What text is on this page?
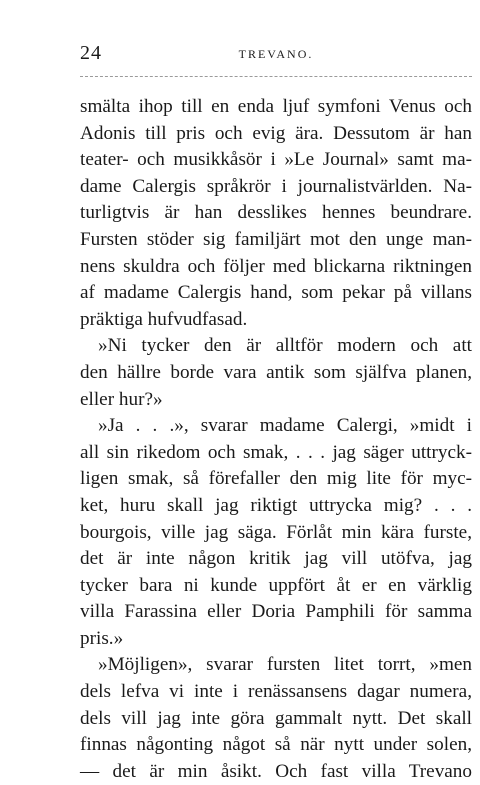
24	TREVANO.
smälta ihop till en enda ljuf symfoni Venus och
Adonis till pris och evig ära. Dessutom är han
teater- och musikkåsör i »Le Journal» samt ma-
dame Calergis språkrör i journalistvärlden. Na-
turligtvis är han desslikes hennes beundrare.
Fursten stöder sig familjärt mot den unge man-
nens skuldra och följer med blickarna riktningen
af madame Calergis hand, som pekar på villans
präktiga hufvudfasad.
»Ni tycker den är alltför modern och att
den hällre borde vara antik som själfva planen,
eller hur?»
»Ja . . .», svarar madame Calergi, »midt i
all sin rikedom och smak, . . . jag säger uttryck-
ligen smak, så förefaller den mig lite för myc-
ket, huru skall jag riktigt uttrycka mig? . . .
bourgois, ville jag säga. Förlåt min kära furste,
det är inte någon kritik jag vill utöfva, jag
tycker bara ni kunde uppfört åt er en värklig
villa Farassina eller Doria Pamphili för samma
pris.»
»Möjligen», svarar fursten litet torrt, »men
dels lefva vi inte i renässansens dagar numera,
dels vill jag inte göra gammalt nytt. Det skall
finnas någonting något så när nytt under solen,
— det är min åsikt. Och fast villa Trevano
